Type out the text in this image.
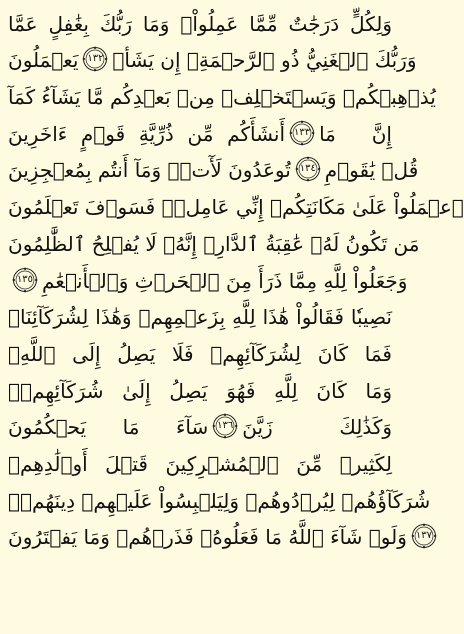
وَلِكُلٍّ دَرَجَٰتٌ مِّمَّا عَمِلُواْۚ وَمَا رَبُّكَ بِغَٰفِلٍ عَمَّا
يَعۡمَلُونَ ١٣٢ وَرَبُّكَ ٱلۡغَنِيُّ ذُو ٱلرَّحۡمَةِۚ إِن يَشَأۡ
يُذۡهِبۡكُمۡ وَيَسۡتَخۡلِفۡ مِنۢ بَعۡدِكُم مَّا يَشَآءُ كَمَآ
أَنشَأَكُم مِّن ذُرِّيَّةِ قَوۡمٍ ءَاخَرِينَ ١٣٣ إِنَّ مَا
تُوعَدُونَ لَأٓتٖۖ وَمَآ أَنتُم بِمُعۡجِزِينَ ١٣٤ قُلۡ يَٰقَوۡمِ
ٱعۡمَلُواْ عَلَىٰ مَكَانَتِكُمۡ إِنِّي عَامِلٞۖ فَسَوۡفَ تَعۡلَمُونَ
مَن تَكُونُ لَهُۥ عَٰقِبَةُ ٱلدَّارِۚ إِنَّهُۥ لَا يُفۡلِحُ ٱلظَّٰلِمُونَ
١٣٥ وَجَعَلُواْ لِلَّهِ مِمَّا ذَرَأَ مِنَ ٱلۡحَرۡثِ وَٱلۡأَنۡعَٰمِ
نَصِيبٗا فَقَالُواْ هَٰذَا لِلَّهِ بِزَعۡمِهِمۡ وَهَٰذَا لِشُرَكَآئِنَاۖ
فَمَا كَانَ لِشُرَكَآئِهِمۡ فَلَا يَصِلُ إِلَى ٱللَّهِۖ
وَمَا كَانَ لِلَّهِ فَهُوَ يَصِلُ إِلَىٰ شُرَكَآئِهِمۡۗ
سَآءَ مَا يَحۡكُمُونَ ١٣٦ وَكَذَٰلِكَ زَيَّنَ
لِكَثِيرٖ مِّنَ ٱلۡمُشۡرِكِينَ قَتۡلَ أَوۡلَٰدِهِمۡ
شُرَكَآؤُهُمۡ لِيُرۡدُوهُمۡ وَلِيَلۡبِسُواْ عَلَيۡهِمۡ دِينَهُمۡۖ
وَلَوۡ شَآءَ ٱللَّهُ مَا فَعَلُوهُۖ فَذَرۡهُمۡ وَمَا يَفۡتَرُونَ ١٣٧
